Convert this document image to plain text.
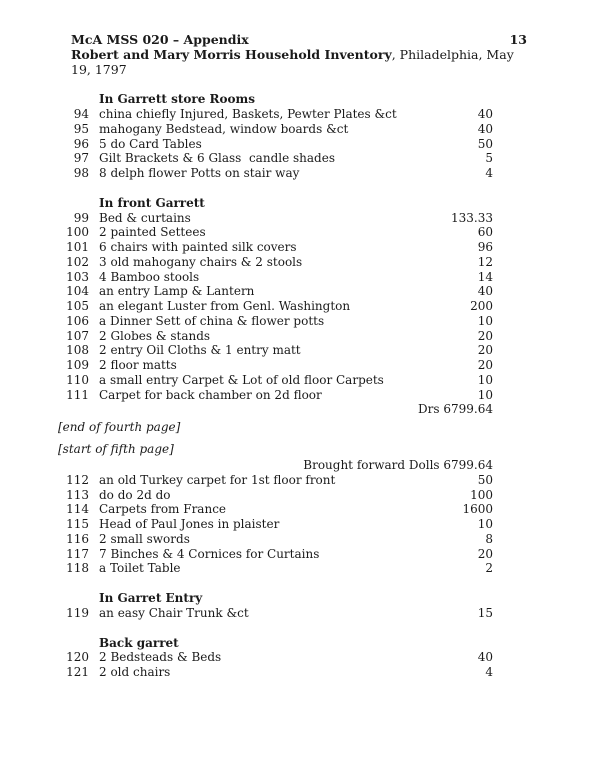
McA MSS 020 – Appendix	13
Robert and Mary Morris Household Inventory, Philadelphia, May 19, 1797
In Garrett store Rooms
94 china chiefly Injured, Baskets, Pewter Plates &ct	40
95 mahogany Bedstead, window boards &ct	40
96 5 do Card Tables	50
97 Gilt Brackets & 6 Glass  candle shades	5
98 8 delph flower Potts on stair way	4
In front Garrett
99 Bed & curtains	133.33
100 2 painted Settees	60
101 6 chairs with painted silk covers	96
102 3 old mahogany chairs & 2 stools	12
103 4 Bamboo stools	14
104 an entry Lamp & Lantern	40
105 an elegant Luster from Genl. Washington	200
106 a Dinner Sett of china & flower potts	10
107 2 Globes & stands	20
108 2 entry Oil Cloths & 1 entry matt	20
109 2 floor matts	20
110 a small entry Carpet & Lot of old floor Carpets	10
111 Carpet for back chamber on 2d floor	10
Drs 6799.64
[end of fourth page]
[start of fifth page]
Brought forward Dolls 6799.64
112 an old Turkey carpet for 1st floor front	50
113 do do 2d do	100
114 Carpets from France	1600
115 Head of Paul Jones in plaister	10
116 2 small swords	8
117 7 Binches & 4 Cornices for Curtains	20
118 a Toilet Table	2
In Garret Entry
119 an easy Chair Trunk &ct	15
Back garret
120 2 Bedsteads & Beds	40
121 2 old chairs	4
